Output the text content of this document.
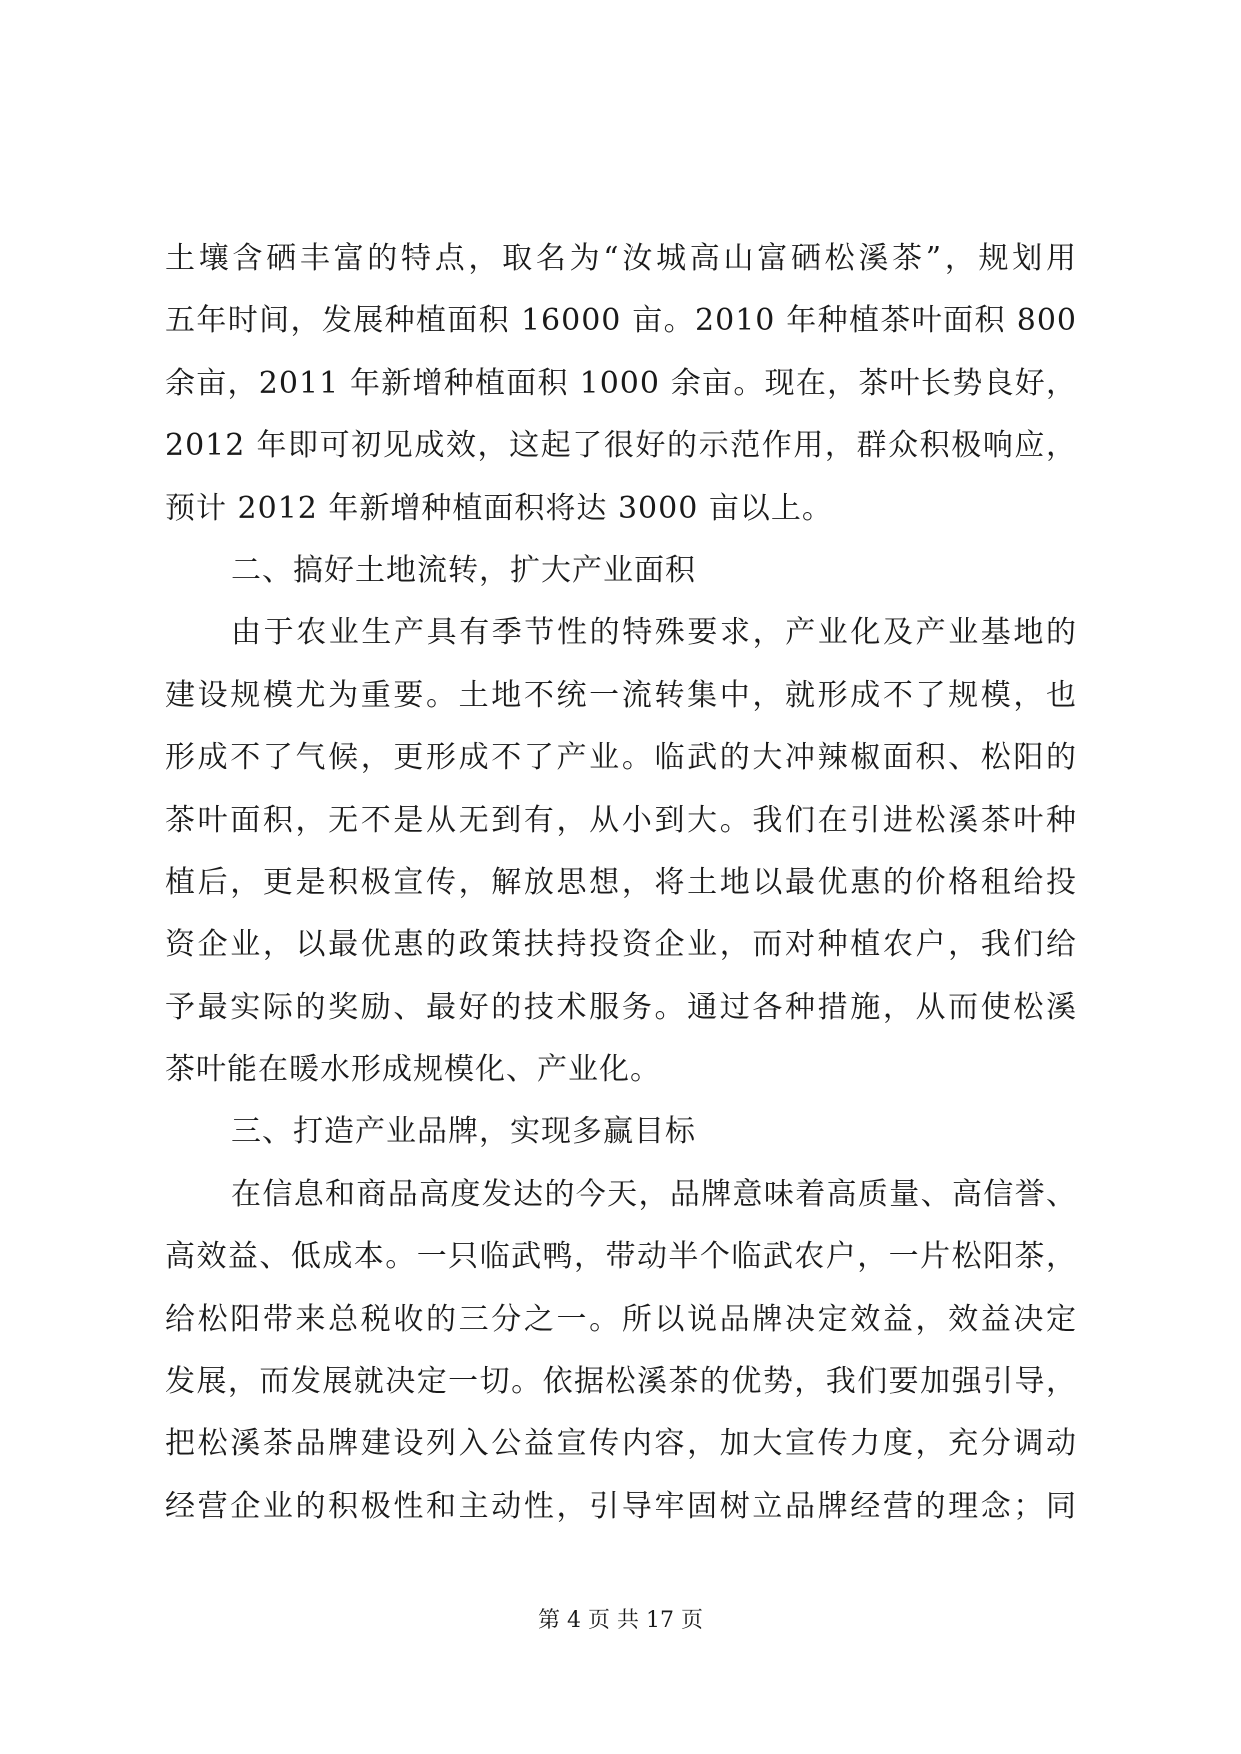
土壤含硒丰富的特点，取名为“汝城高山富硒松溪茶”，规划用
五年时间，发展种植面积 16000 亩。2010 年种植茶叶面积 800
余亩，2011 年新增种植面积 1000 余亩。现在，茶叶长势良好，
2012 年即可初见成效，这起了很好的示范作用，群众积极响应，
预计 2012 年新增种植面积将达 3000 亩以上。
二、搞好土地流转，扩大产业面积
由于农业生产具有季节性的特殊要求，产业化及产业基地的
建设规模尤为重要。土地不统一流转集中，就形成不了规模，也
形成不了气候，更形成不了产业。临武的大冲辣椒面积、松阳的
茶叶面积，无不是从无到有，从小到大。我们在引进松溪茶叶种
植后，更是积极宣传，解放思想，将土地以最优惠的价格租给投
资企业，以最优惠的政策扶持投资企业，而对种植农户，我们给
予最实际的奖励、最好的技术服务。通过各种措施，从而使松溪
茶叶能在暖水形成规模化、产业化。
三、打造产业品牌，实现多赢目标
在信息和商品高度发达的今天，品牌意味着高质量、高信誉、
高效益、低成本。一只临武鸭，带动半个临武农户，一片松阳茶，
给松阳带来总税收的三分之一。所以说品牌决定效益，效益决定
发展，而发展就决定一切。依据松溪茶的优势，我们要加强引导，
把松溪茶品牌建设列入公益宣传内容，加大宣传力度，充分调动
经营企业的积极性和主动性，引导牢固树立品牌经营的理念；同
第 4 页 共 17 页
